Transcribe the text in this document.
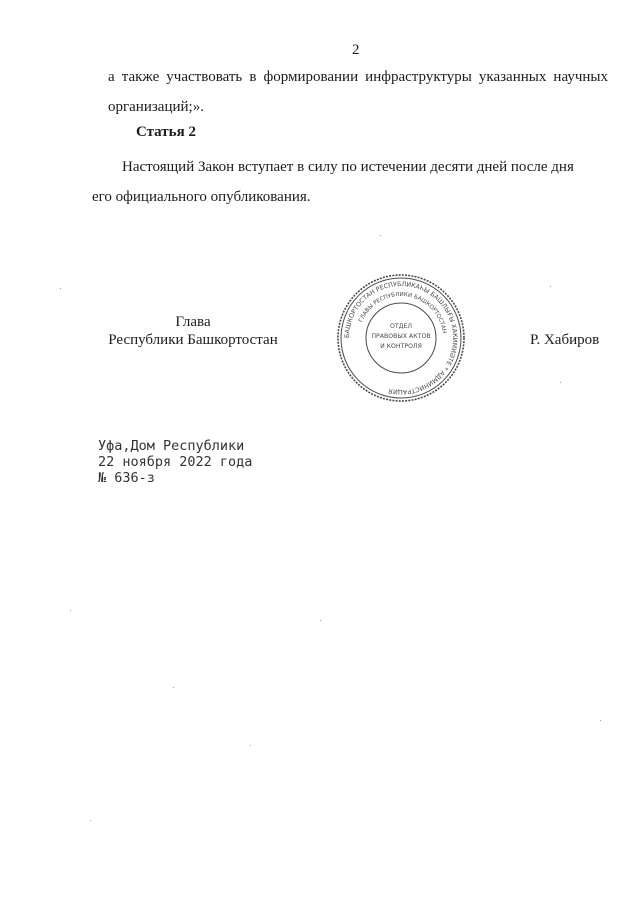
2

а также участвовать в формировании инфраструктуры указанных научных
организаций;».

Статья 2

Настоящий Закон вступает в силу по истечении десяти дней после дня
его официального опубликования.

Глава
Республики Башкортостан	БАШКОРТОСТАН РЕСПУБЛИКАҺЫ БАШЛЫҒЫ ХАКИМИӘТЕ * АДМИНИСТРАЦИЯ
ГЛАВЫ РЕСПУБЛИКИ БАШКОРТОСТАН
ОТДЕЛ
ПРАВОВЫХ АКТОВ
И КОНТРОЛЯ	Р. Хабиров
Уфа,Дом Республики
22 ноября 2022 года
№ 636-з
